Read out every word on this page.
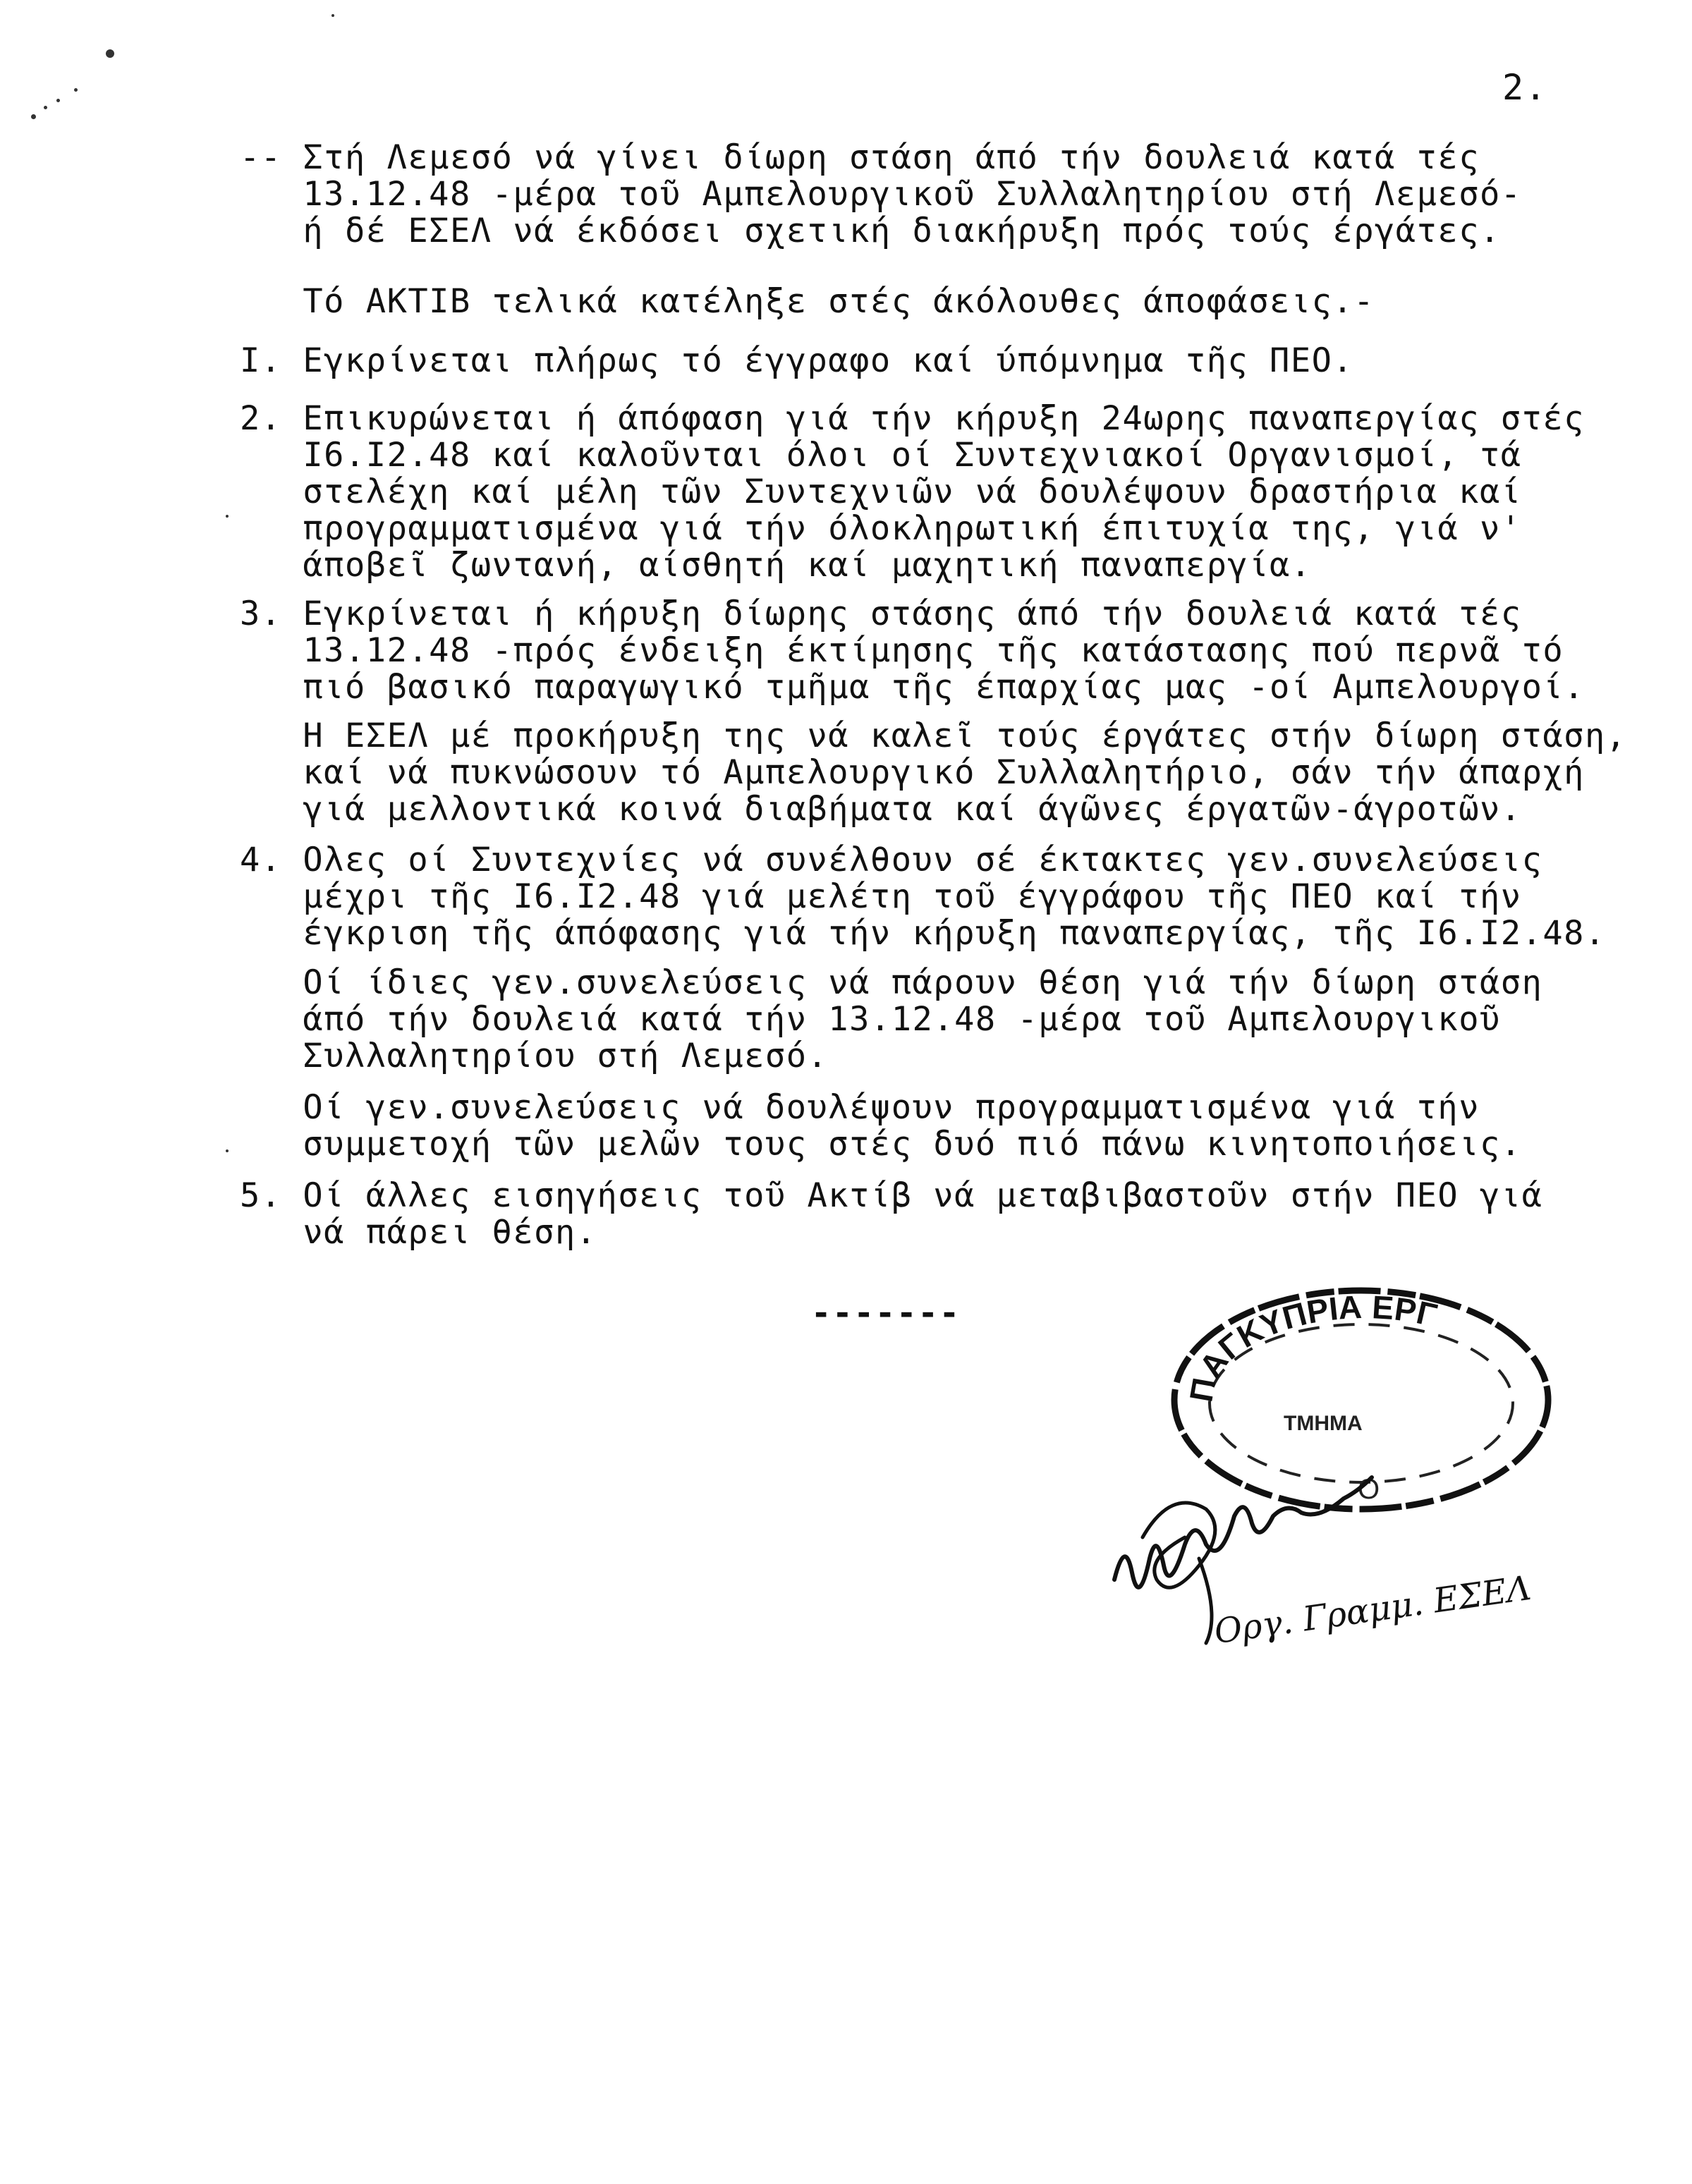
2.
-- Στή Λεμεσό νά γίνει δίωρη στάση άπό τήν δουλειά κατά τές
13.12.48 -μέρα τοῦ Αμπελουργικοῦ Συλλαλητηρίου στή Λεμεσό-
ή δέ ΕΣΕΛ νά έκδόσει σχετική διακήρυξη πρός τούς έργάτες.
Τό ΑΚΤΙΒ τελικά κατέληξε στές άκόλουθες άποφάσεις.-
I. Εγκρίνεται πλήρως τό έγγραφο καί ύπόμνημα τῆς ΠΕΟ.
2. Επικυρώνεται ή άπόφαση γιά τήν κήρυξη 24ωρης παναπεργίας στές
I6.I2.48 καί καλοῦνται όλοι οί Συντεχνιακοί Οργανισμοί, τά
στελέχη καί μέλη τῶν Συντεχνιῶν νά δουλέψουν δραστήρια καί
προγραμματισμένα γιά τήν όλοκληρωτική έπιτυχία της, γιά ν'
άποβεῖ ζωντανή, αίσθητή καί μαχητική παναπεργία.
3. Εγκρίνεται ή κήρυξη δίωρης στάσης άπό τήν δουλειά κατά τές
13.12.48 -πρός ένδειξη έκτίμησης τῆς κατάστασης πού περνᾶ τό
πιό βασικό παραγωγικό τμῆμα τῆς έπαρχίας μας -οί Αμπελουργοί.
Η ΕΣΕΛ μέ προκήρυξη της νά καλεῖ τούς έργάτες στήν δίωρη στάση,
καί νά πυκνώσουν τό Αμπελουργικό Συλλαλητήριο, σάν τήν άπαρχή
γιά μελλοντικά κοινά διαβήματα καί άγῶνες έργατῶν-άγροτῶν.
4. Ολες οί Συντεχνίες νά συνέλθουν σέ έκτακτες γεν.συνελεύσεις
μέχρι τῆς I6.I2.48 γιά μελέτη τοῦ έγγράφου τῆς ΠΕΟ καί τήν
έγκριση τῆς άπόφασης γιά τήν κήρυξη παναπεργίας, τῆς I6.I2.48.
Οί ίδιες γεν.συνελεύσεις νά πάρουν θέση γιά τήν δίωρη στάση
άπό τήν δουλειά κατά τήν 13.12.48 -μέρα τοῦ Αμπελουργικοῦ
Συλλαλητηρίου στή Λεμεσό.
Οί γεν.συνελεύσεις νά δουλέψουν προγραμματισμένα γιά τήν
συμμετοχή τῶν μελῶν τους στές δυό πιό πάνω κινητοποιήσεις.
5. Οί άλλες εισηγήσεις τοῦ Ακτίβ νά μεταβιβαστοῦν στήν ΠΕΟ γιά
νά πάρει θέση.
-------
ΠΑΓΚΥΠΡΙΑ ΕΡΓ
ΤΜΗΜΑ
Ο
Οργ. Γραμμ. ΕΣΕΛ
